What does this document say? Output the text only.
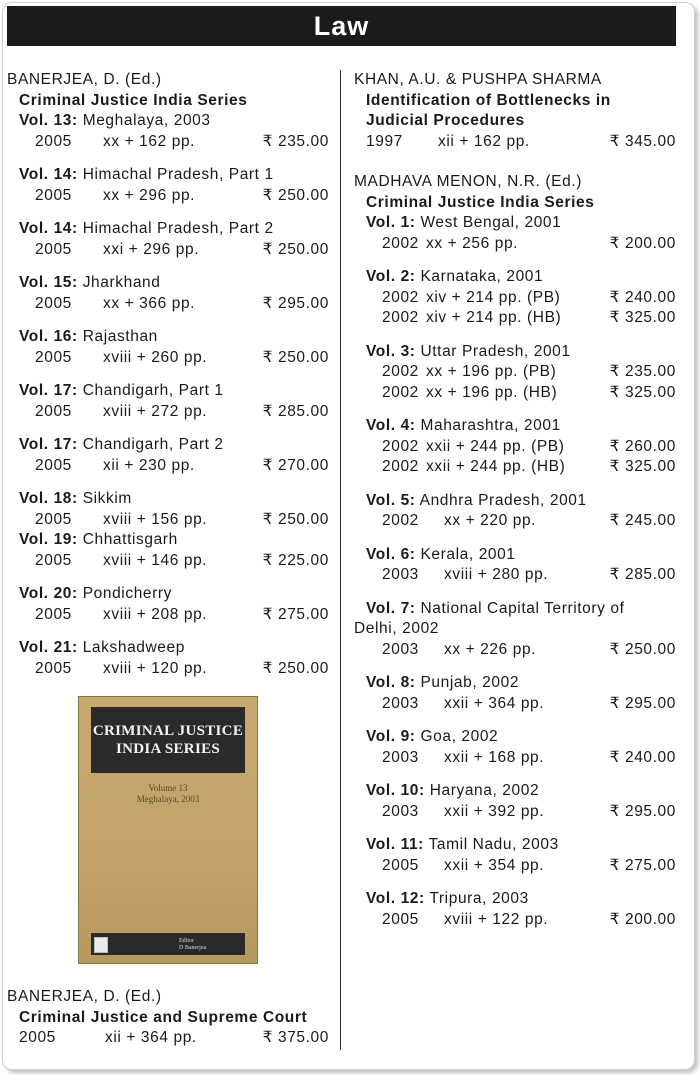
Law

BANERJEA, D. (Ed.)

Criminal Justice India Series

Vol. 13: Meghalaya, 2003
2005	xx + 162 pp.	₹ 235.00
Vol. 14: Himachal Pradesh, Part 1
2005	xx + 296 pp.	₹ 250.00
Vol. 14: Himachal Pradesh, Part 2
2005	xxi + 296 pp.	₹ 250.00
Vol. 15: Jharkhand
2005	xx + 366 pp.	₹ 295.00
Vol. 16: Rajasthan
2005	xviii + 260 pp.	₹ 250.00
Vol. 17: Chandigarh, Part 1
2005	xviii + 272 pp.	₹ 285.00
Vol. 17: Chandigarh, Part 2
2005	xii + 230 pp.	₹ 270.00
Vol. 18: Sikkim
2005	xviii + 156 pp.	₹ 250.00
Vol. 19: Chhattisgarh
2005	xviii + 146 pp.	₹ 225.00
Vol. 20: Pondicherry
2005	xviii + 208 pp.	₹ 275.00
Vol. 21: Lakshadweep
2005	xviii + 120 pp.	₹ 250.00
CRIMINAL JUSTICE
INDIA SERIES
Volume 13
Meghalaya, 2003
Editor
D Banerjea

BANERJEA, D. (Ed.)

Criminal Justice and Supreme Court

2005	xii + 364 pp.	₹ 375.00

KHAN, A.U. & PUSHPA SHARMA

Identification of Bottlenecks in

Judicial Procedures

1997	xii + 162 pp.	₹ 345.00

MADHAVA MENON, N.R. (Ed.)

Criminal Justice India Series

Vol. 1: West Bengal, 2001
2002 xx + 256 pp.	₹ 200.00
Vol. 2: Karnataka, 2001
2002 xiv + 214 pp. (PB)	₹ 240.00
2002 xiv + 214 pp. (HB)	₹ 325.00
Vol. 3: Uttar Pradesh, 2001
2002 xx + 196 pp. (PB)	₹ 235.00
2002 xx + 196 pp. (HB)	₹ 325.00
Vol. 4: Maharashtra, 2001
2002 xxii + 244 pp. (PB)	₹ 260.00
2002 xxii + 244 pp. (HB)	₹ 325.00
Vol. 5: Andhra Pradesh, 2001
2002	xx + 220 pp.	₹ 245.00
Vol. 6: Kerala, 2001
2003	xviii + 280 pp.	₹ 285.00
Vol. 7: National Capital Territory of
Delhi, 2002
2003	xx + 226 pp.	₹ 250.00
Vol. 8: Punjab, 2002
2003	xxii + 364 pp.	₹ 295.00
Vol. 9: Goa, 2002
2003	xxii + 168 pp.	₹ 240.00
Vol. 10: Haryana, 2002
2003	xxii + 392 pp.	₹ 295.00
Vol. 11: Tamil Nadu, 2003
2005	xxii + 354 pp.	₹ 275.00
Vol. 12: Tripura, 2003
2005	xviii + 122 pp.	₹ 200.00
